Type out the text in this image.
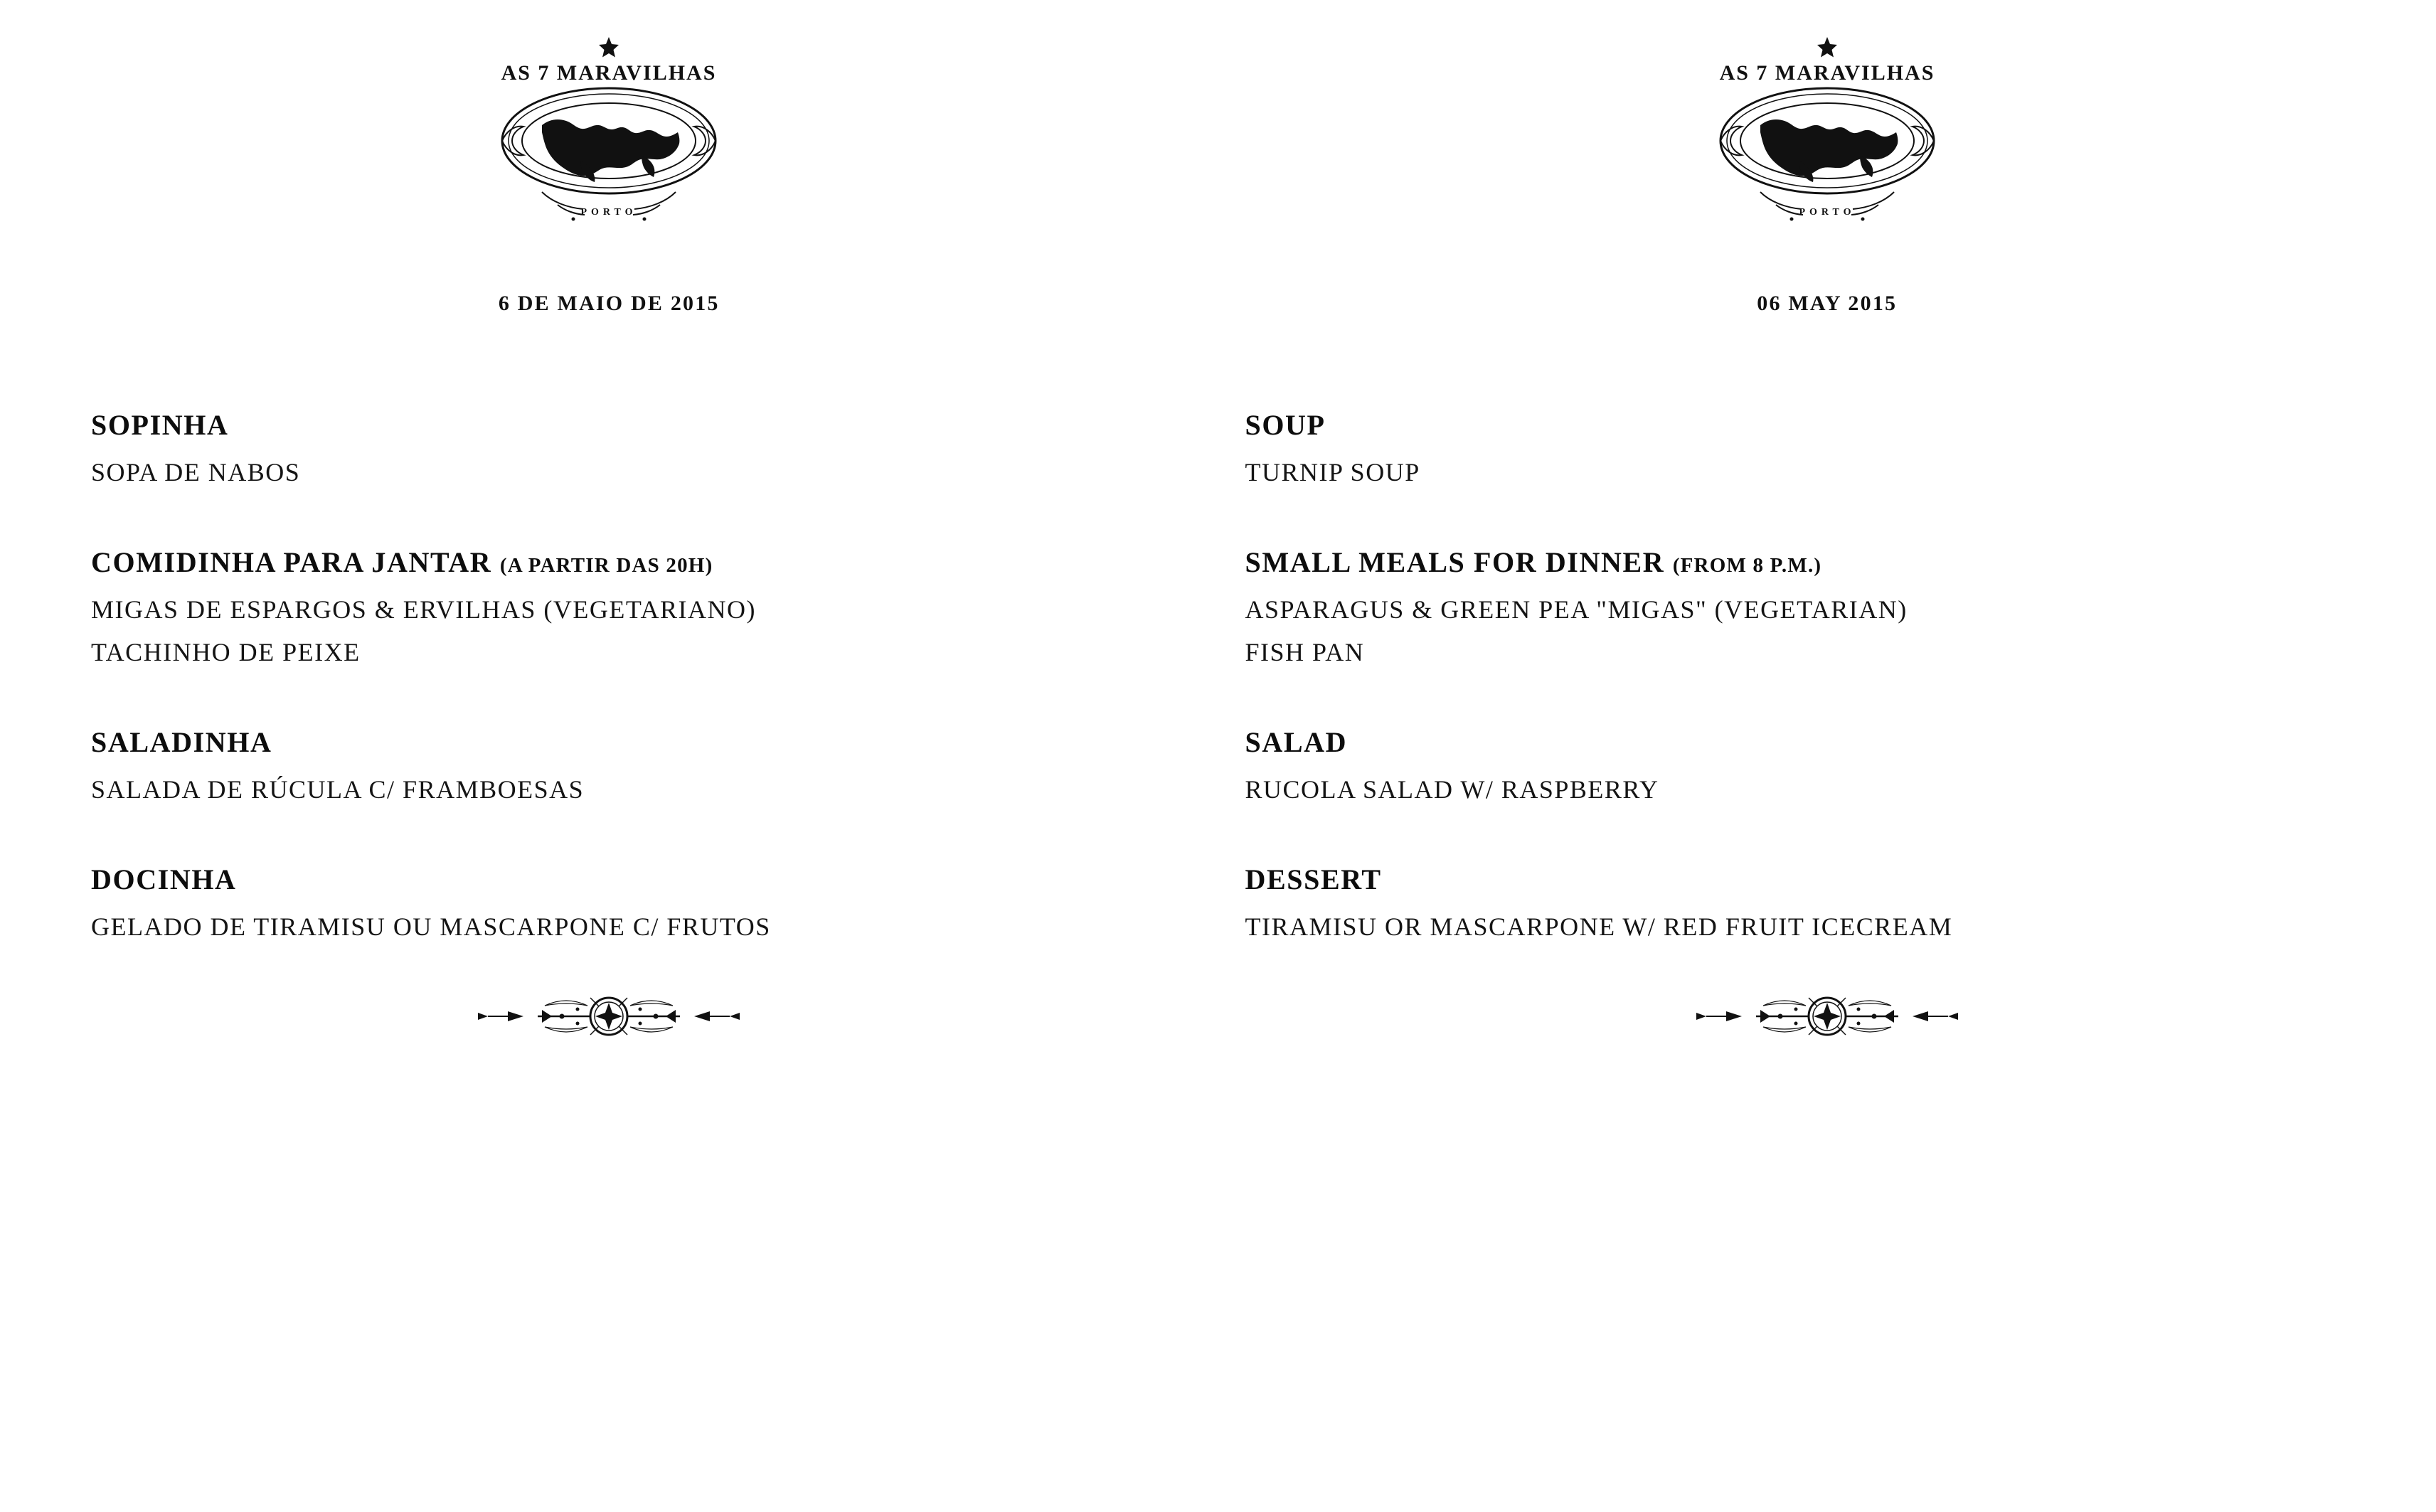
AS 7 MARAVILHAS
PORTO
6 DE MAIO DE 2015
SOPINHA
SOPA DE NABOS
COMIDINHA PARA JANTAR (A PARTIR DAS 20H)
MIGAS DE ESPARGOS & ERVILHAS (VEGETARIANO)
TACHINHO DE PEIXE
SALADINHA
SALADA DE RÚCULA C/ FRAMBOESAS
DOCINHA
GELADO DE TIRAMISU OU MASCARPONE C/ FRUTOS
AS 7 MARAVILHAS
PORTO
06 MAY 2015
SOUP
TURNIP SOUP
SMALL MEALS FOR DINNER (FROM 8 P.M.)
ASPARAGUS & GREEN PEA "MIGAS" (VEGETARIAN)
FISH PAN
SALAD
RUCOLA SALAD W/ RASPBERRY
DESSERT
TIRAMISU OR MASCARPONE W/ RED FRUIT ICECREAM
